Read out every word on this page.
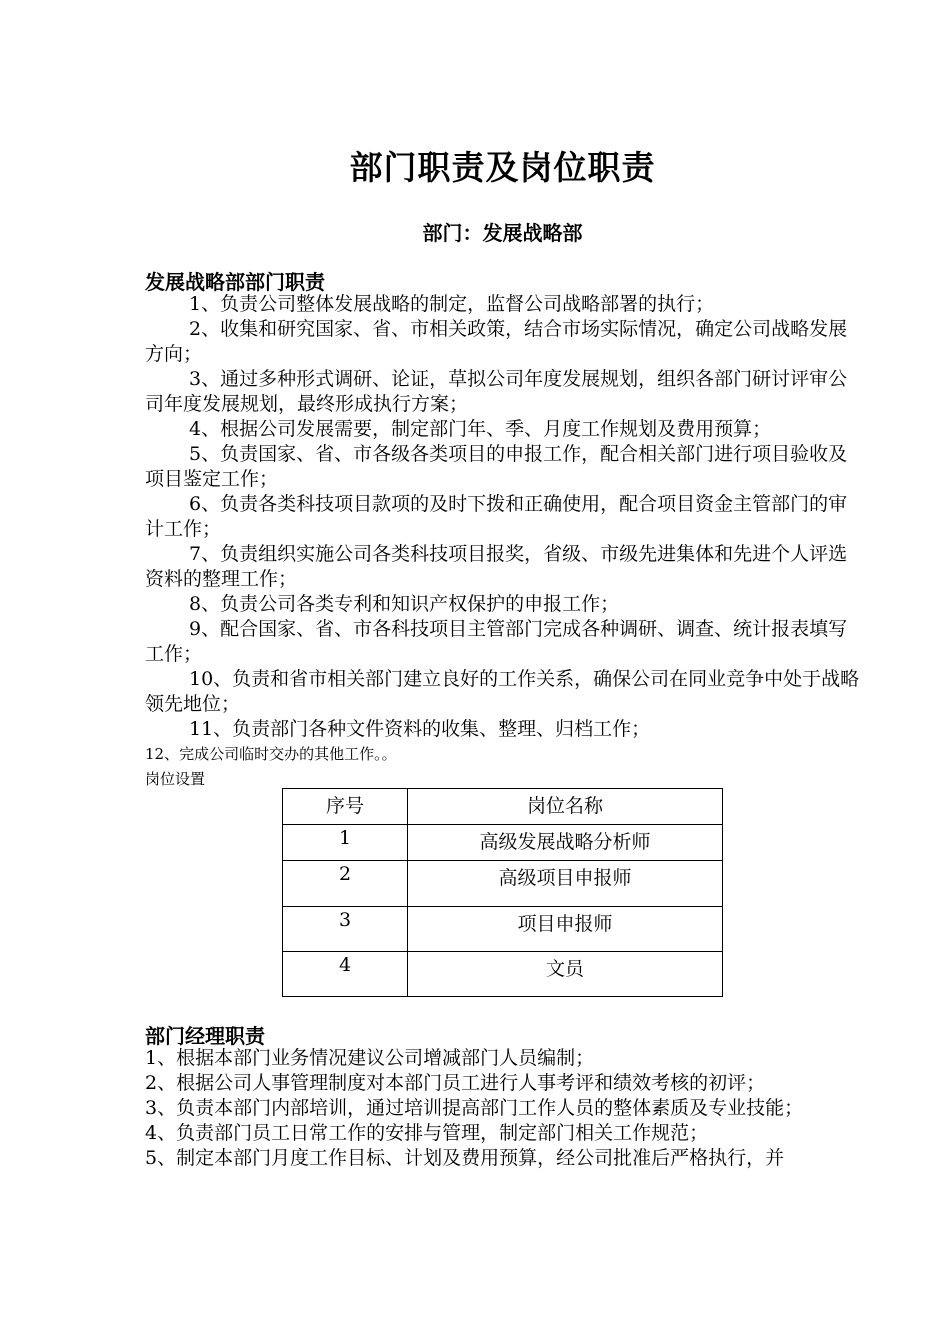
部门职责及岗位职责
部门：发展战略部
发展战略部部门职责

1、负责公司整体发展战略的制定，监督公司战略部署的执行；

2、收集和研究国家、省、市相关政策，结合市场实际情况，确定公司战略发展方向；

3、通过多种形式调研、论证，草拟公司年度发展规划，组织各部门研讨评审公司年度发展规划，最终形成执行方案；

4、根据公司发展需要，制定部门年、季、月度工作规划及费用预算；

5、负责国家、省、市各级各类项目的申报工作，配合相关部门进行项目验收及项目鉴定工作；

6、负责各类科技项目款项的及时下拨和正确使用，配合项目资金主管部门的审计工作；

7、负责组织实施公司各类科技项目报奖，省级、市级先进集体和先进个人评选资料的整理工作；

8、负责公司各类专利和知识产权保护的申报工作；

9、配合国家、省、市各科技项目主管部门完成各种调研、调查、统计报表填写工作；

10、负责和省市相关部门建立良好的工作关系，确保公司在同业竞争中处于战略领先地位；

11、负责部门各种文件资料的收集、整理、归档工作；

12、完成公司临时交办的其他工作。。

岗位设置

序号	岗位名称
1	高级发展战略分析师
2	高级项目申报师
3	项目申报师
4	文员
部门经理职责

1、根据本部门业务情况建议公司增减部门人员编制；

2、根据公司人事管理制度对本部门员工进行人事考评和绩效考核的初评；

3、负责本部门内部培训，通过培训提高部门工作人员的整体素质及专业技能；

4、负责部门员工日常工作的安排与管理，制定部门相关工作规范；

5、制定本部门月度工作目标、计划及费用预算，经公司批准后严格执行，并
